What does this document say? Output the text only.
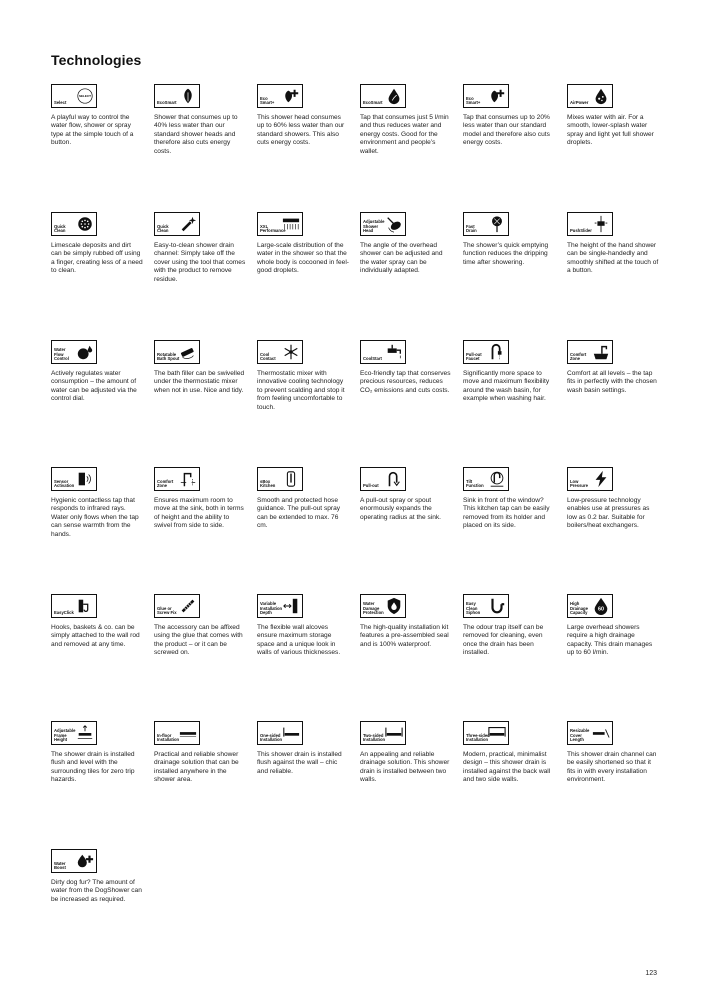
Technologies
SELECT
Select
A playful way to control the water flow, shower or spray type at the simple touch of a button.
EcoSmart
Shower that consumes up to 40% less water than our standard shower heads and therefore also cuts energy costs.
Eco
Smart+
This shower head consumes up to 60% less water than our standard showers. This also cuts energy costs.
EcoSmart
Tap that consumes just 5 l/min and thus reduces water and energy costs. Good for the environment and people’s wallet.
Eco
Smart+
Tap that consumes up to 20% less water than our standard model and therefore also cuts energy costs.
AirPower
Mixes water with air. For a smooth, lower-splash water spray and light yet full shower droplets.
Quick
Clean
Limescale deposits and dirt can be simply rubbed off using a finger, creating less of a need to clean.
Quick
Clean
Easy-to-clean shower drain channel: Simply take off the cover using the tool that comes with the product to remove residue.
XXL
Performance
Large-scale distribution of the water in the shower so that the whole body is cocooned in feel-good droplets.
Adjustable
Shower
Head
The angle of the overhead shower can be adjusted and the water spray can be individually adapted.
Fast
Drain
The shower’s quick emptying function reduces the dripping time after showering.
PushSlider
The height of the hand shower can be single-handedly and smoothly shifted at the touch of a button.
Water
Flow
Control
Actively regulates water consumption – the amount of water can be adjusted via the control dial.
Rotatable
Bath Spout
The bath filler can be swivelled under the thermostatic mixer when not in use. Nice and tidy.
Cool
Contact
Thermostatic mixer with innovative cooling technology to prevent scalding and stop it from feeling uncomfortable to touch.
CoolStart
Eco-friendly tap that conserves precious resources, reduces CO₂ emissions and cuts costs.
Pull-out
Faucet
Significantly more space to move and maximum flexibility around the wash basin, for example when washing hair.
Comfort
Zone
Comfort at all levels – the tap fits in perfectly with the chosen wash basin settings.
Sensor
Activation
Hygienic contactless tap that responds to infrared rays. Water only flows when the tap can sense warmth from the hands.
Comfort
Zone
Ensures maximum room to move at the sink, both in terms of height and the ability to swivel from side to side.
sBox
Kitchen
Smooth and protected hose guidance. The pull-out spray can be extended to max. 76 cm.
Pull-out
A pull-out spray or spout enormously expands the operating radius at the sink.
Tilt
Function
Sink in front of the window? This kitchen tap can be easily removed from its holder and placed on its side.
Low
Pressure
Low-pressure technology enables use at pressures as low as 0.2 bar. Suitable for boilers/heat exchangers.
EasyClick
Hooks, baskets & co. can be simply attached to the wall rod and removed at any time.
Glue or
Screw Fix
The accessory can be affixed using the glue that comes with the product – or it can be screwed on.
Variable
Installation
Depth
The flexible wall alcoves ensure maximum storage space and a unique look in walls of various thicknesses.
Water
Damage
Protection
The high-quality installation kit features a pre-assembled seal and is 100% waterproof.
Easy
Clean
Siphon
The odour trap itself can be removed for cleaning, even once the drain has been installed.
60
High
Drainage
Capacity
Large overhead showers require a high drainage capacity. This drain manages up to 60 l/min.
Adjustable
Frame Height
The shower drain is installed flush and level with the surrounding tiles for zero trip hazards.
In-floor
Installation
Practical and reliable shower drainage solution that can be installed anywhere in the shower area.
One-sided
Installation
This shower drain is installed flush against the wall – chic and reliable.
Two-sided
Installation
An appealing and reliable drainage solution. This shower drain is installed between two walls.
Three-sided
Installation
Modern, practical, minimalist design – this shower drain is installed against the back wall and two side walls.
Resizable
Cover Length
This shower drain channel can be easily shortened so that it fits in with every installation environment.
Water
Boost
Dirty dog fur? The amount of water from the DogShower can be increased as required.
123
